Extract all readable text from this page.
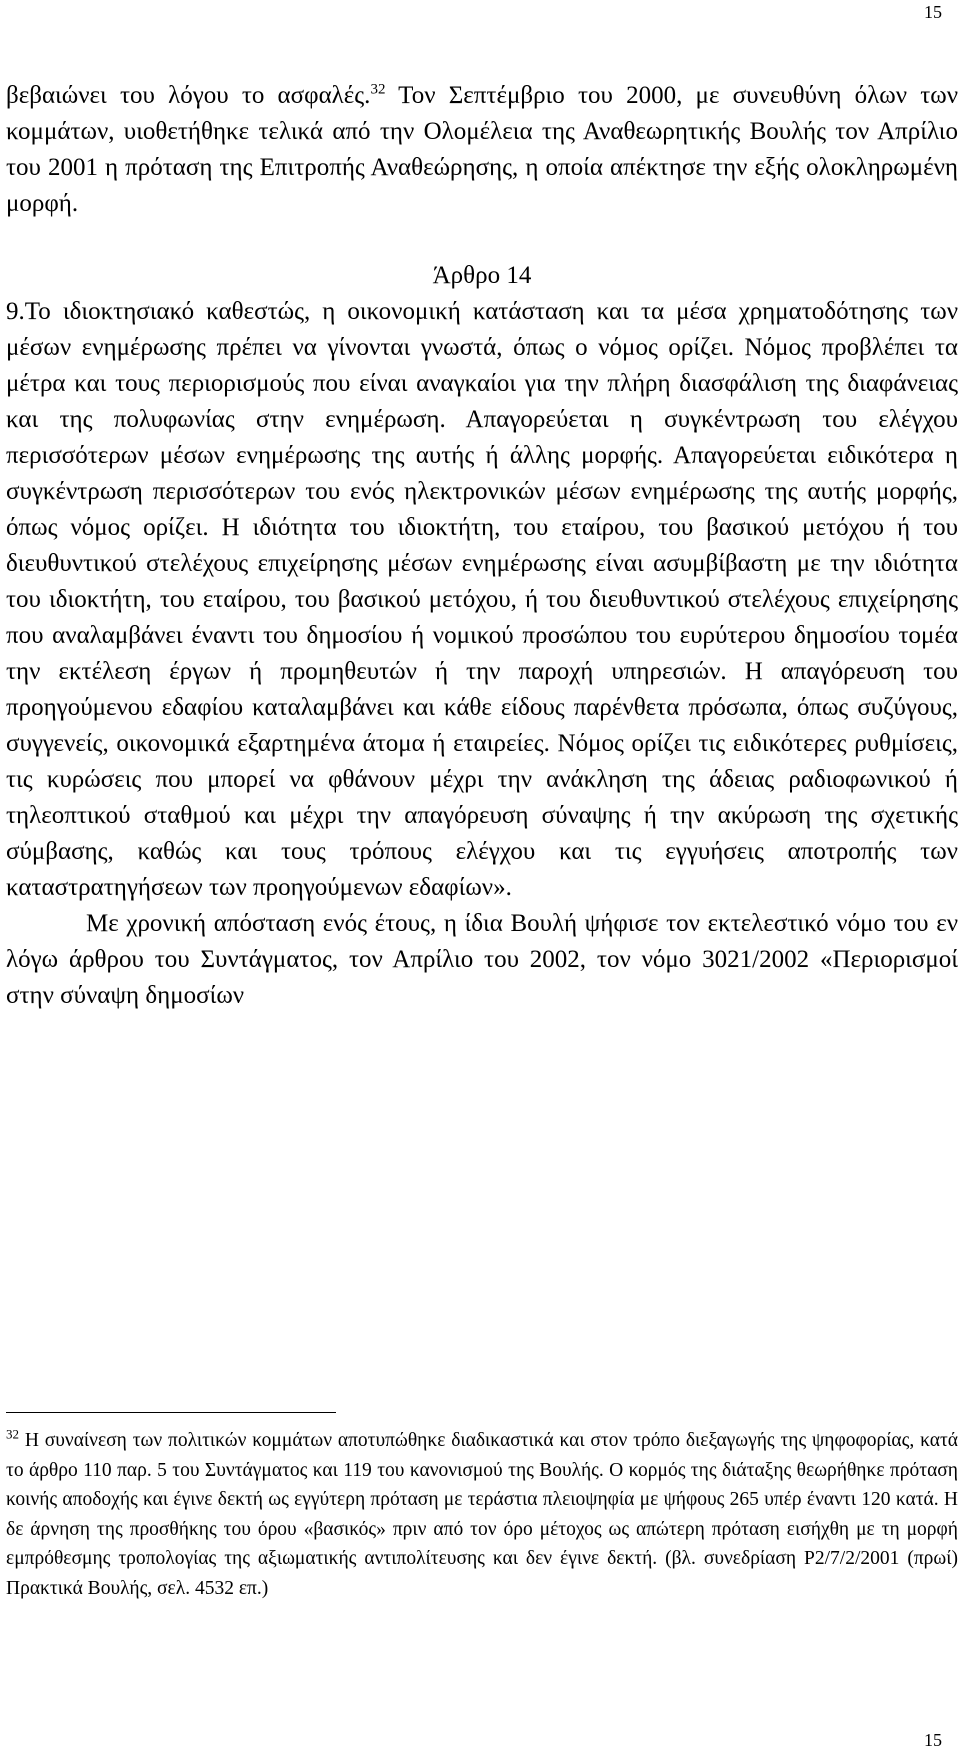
15

βεβαιώνει του λόγου το ασφαλές.$^{32}$ Τον Σεπτέμβριο του 2000, με συνευθύνη όλων των κομμάτων, υιοθετήθηκε τελικά από την Ολομέλεια της Αναθεωρητικής Βουλής τον Απρίλιο του 2001 η πρόταση της Επιτροπής Αναθεώρησης, η οποία απέκτησε την εξής ολοκληρωμένη μορφή.

Άρθρο 14

9.Το ιδιοκτησιακό καθεστώς, η οικονομική κατάσταση και τα μέσα χρηματοδότησης των μέσων ενημέρωσης πρέπει να γίνονται γνωστά, όπως ο νόμος ορίζει. Νόμος προβλέπει τα μέτρα και τους περιορισμούς που είναι αναγκαίοι για την πλήρη διασφάλιση της διαφάνειας και της πολυφωνίας στην ενημέρωση. Απαγορεύεται η συγκέντρωση του ελέγχου περισσότερων μέσων ενημέρωσης της αυτής ή άλλης μορφής. Απαγορεύεται ειδικότερα η συγκέντρωση περισσότερων του ενός ηλεκτρονικών μέσων ενημέρωσης της αυτής μορφής, όπως νόμος ορίζει. Η ιδιότητα του ιδιοκτήτη, του εταίρου, του βασικού μετόχου ή του διευθυντικού στελέχους επιχείρησης μέσων ενημέρωσης είναι ασυμβίβαστη με την ιδιότητα του ιδιοκτήτη, του εταίρου, του βασικού μετόχου, ή του διευθυντικού στελέχους επιχείρησης που αναλαμβάνει έναντι του δημοσίου ή νομικού προσώπου του ευρύτερου δημοσίου τομέα την εκτέλεση έργων ή προμηθευτών ή την παροχή υπηρεσιών. Η απαγόρευση του προηγούμενου εδαφίου καταλαμβάνει και κάθε είδους παρένθετα πρόσωπα, όπως συζύγους, συγγενείς, οικονομικά εξαρτημένα άτομα ή εταιρείες. Νόμος ορίζει τις ειδικότερες ρυθμίσεις, τις κυρώσεις που μπορεί να φθάνουν μέχρι την ανάκληση της άδειας ραδιοφωνικού ή τηλεοπτικού σταθμού και μέχρι την απαγόρευση σύναψης ή την ακύρωση της σχετικής σύμβασης, καθώς και τους τρόπους ελέγχου και τις εγγυήσεις αποτροπής των καταστρατηγήσεων των προηγούμενων εδαφίων».

Με χρονική απόσταση ενός έτους, η ίδια Βουλή ψήφισε τον εκτελεστικό νόμο του εν λόγω άρθρου του Συντάγματος, τον Απρίλιο του 2002, τον νόμο 3021/2002 «Περιορισμοί στην σύναψη δημοσίων

$^{32}$ Η συναίνεση των πολιτικών κομμάτων αποτυπώθηκε διαδικαστικά και στον τρόπο διεξαγωγής της ψηφοφορίας, κατά το άρθρο 110 παρ. 5 του Συντάγματος και 119 του κανονισμού της Βουλής. Ο κορμός της διάταξης θεωρήθηκε πρόταση κοινής αποδοχής και έγινε δεκτή ως εγγύτερη πρόταση με τεράστια πλειοψηφία με ψήφους 265 υπέρ έναντι 120 κατά. Η δε άρνηση της προσθήκης του όρου «βασικός» πριν από τον όρο μέτοχος ως απώτερη πρόταση εισήχθη με τη μορφή εμπρόθεσμης τροπολογίας της αξιωματικής αντιπολίτευσης και δεν έγινε δεκτή. (βλ. συνεδρίαση Ρ2/7/2/2001 (πρωί) Πρακτικά Βουλής, σελ. 4532 επ.)

15
